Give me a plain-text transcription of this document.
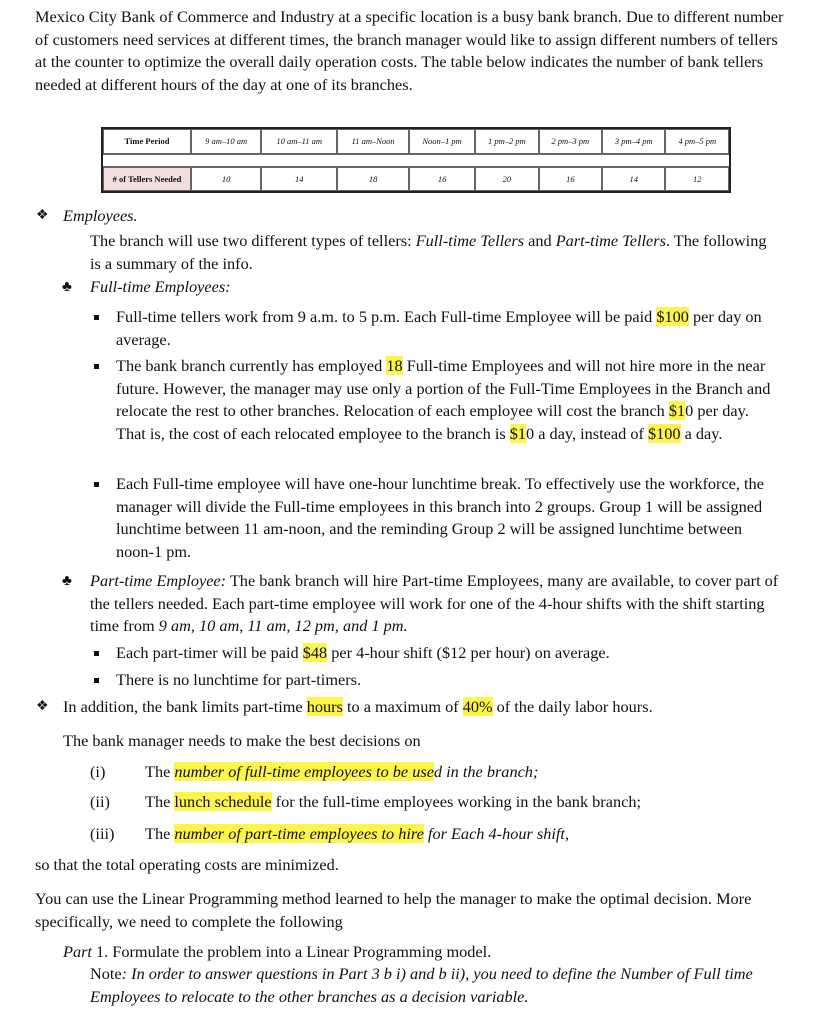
Mexico City Bank of Commerce and Industry at a specific location is a busy bank branch. Due to different number of customers need services at different times, the branch manager would like to assign different numbers of tellers at the counter to optimize the overall daily operation costs. The table below indicates the number of bank tellers needed at different hours of the day at one of its branches.

Time Period	9 am–10 am	10 am–11 am	11 am–Noon	Noon–1 pm	1 pm–2 pm	2 pm–3 pm	3 pm–4 pm	4 pm–5 pm

# of Tellers Needed	10	14	18	16	20	16	14	12
❖ Employees.

The branch will use two different types of tellers: Full-time Tellers and Part-time Tellers. The following is a summary of the info.

♣ Full-time Employees:

Full-time tellers work from 9 a.m. to 5 p.m. Each Full-time Employee will be paid $100 per day on average.

The bank branch currently has employed 18 Full-time Employees and will not hire more in the near future. However, the manager may use only a portion of the Full-Time Employees in the Branch and relocate the rest to other branches. Relocation of each employee will cost the branch $10 per day. That is, the cost of each relocated employee to the branch is $10 a day, instead of $100 a day.

Each Full-time employee will have one-hour lunchtime break. To effectively use the workforce, the manager will divide the Full-time employees in this branch into 2 groups. Group 1 will be assigned lunchtime between 11 am-noon, and the reminding Group 2 will be assigned lunchtime between noon-1 pm.

♣ Part-time Employee: The bank branch will hire Part-time Employees, many are available, to cover part of the tellers needed. Each part-time employee will work for one of the 4-hour shifts with the shift starting time from 9 am, 10 am, 11 am, 12 pm, and 1 pm.

Each part-timer will be paid $48 per 4-hour shift ($12 per hour) on average.

There is no lunchtime for part-timers.

❖ In addition, the bank limits part-time hours to a maximum of 40% of the daily labor hours.

The bank manager needs to make the best decisions on

(i) The number of full-time employees to be used in the branch;

(ii) The lunch schedule for the full-time employees working in the bank branch;

(iii) The number of part-time employees to hire for Each 4-hour shift,

so that the total operating costs are minimized.

You can use the Linear Programming method learned to help the manager to make the optimal decision. More specifically, we need to complete the following

Part 1. Formulate the problem into a Linear Programming model.

Note: In order to answer questions in Part 3 b i) and b ii), you need to define the Number of Full time Employees to relocate to the other branches as a decision variable.
